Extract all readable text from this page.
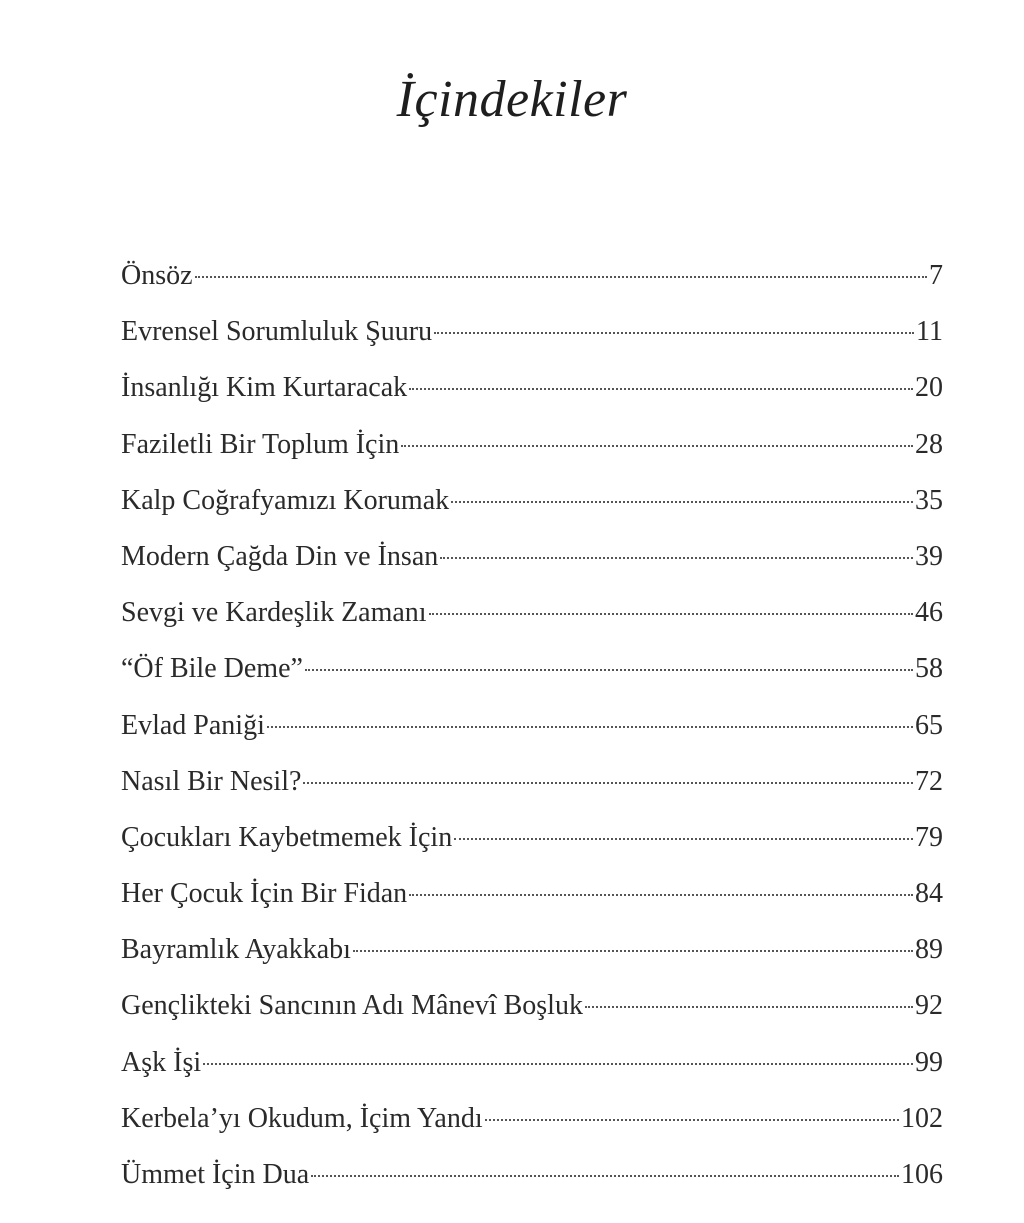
İçindekiler
Önsöz	7
Evrensel Sorumluluk Şuuru	11
İnsanlığı Kim Kurtaracak	20
Faziletli Bir Toplum İçin	28
Kalp Coğrafyamızı Korumak	35
Modern Çağda Din ve İnsan	39
Sevgi ve Kardeşlik Zamanı	46
“Öf Bile Deme”	58
Evlad Paniği	65
Nasıl Bir Nesil?	72
Çocukları Kaybetmemek İçin	79
Her Çocuk İçin Bir Fidan	84
Bayramlık Ayakkabı	89
Gençlikteki Sancının Adı Mânevî Boşluk	92
Aşk İşi	99
Kerbela’yı Okudum, İçim Yandı	102
Ümmet İçin Dua	106
